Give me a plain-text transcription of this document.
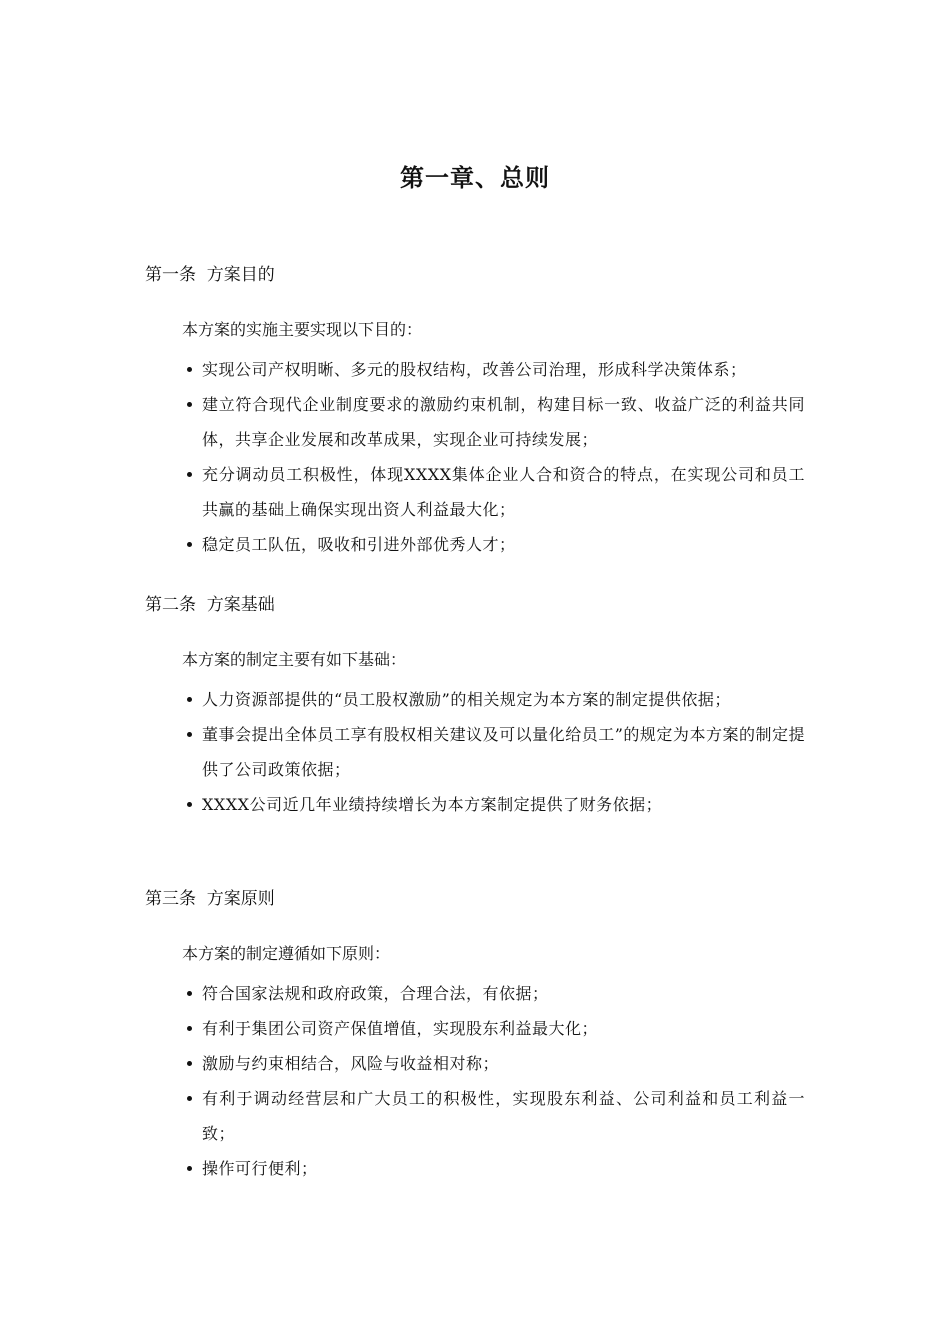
第一章、总则
第一条  方案目的
本方案的实施主要实现以下目的：
实现公司产权明晰、多元的股权结构，改善公司治理，形成科学决策体系；
建立符合现代企业制度要求的激励约束机制，构建目标一致、收益广泛的利益共同体，共享企业发展和改革成果，实现企业可持续发展；
充分调动员工积极性，体现XXXX集体企业人合和资合的特点，在实现公司和员工共赢的基础上确保实现出资人利益最大化；
稳定员工队伍，吸收和引进外部优秀人才；
第二条  方案基础
本方案的制定主要有如下基础：
人力资源部提供的“员工股权激励”的相关规定为本方案的制定提供依据；
董事会提出全体员工享有股权相关建议及可以量化给员工”的规定为本方案的制定提供了公司政策依据；
XXXX公司近几年业绩持续增长为本方案制定提供了财务依据；
第三条  方案原则
本方案的制定遵循如下原则：
符合国家法规和政府政策，合理合法，有依据；
有利于集团公司资产保值增值，实现股东利益最大化；
激励与约束相结合，风险与收益相对称；
有利于调动经营层和广大员工的积极性，实现股东利益、公司利益和员工利益一致；
操作可行便利；
